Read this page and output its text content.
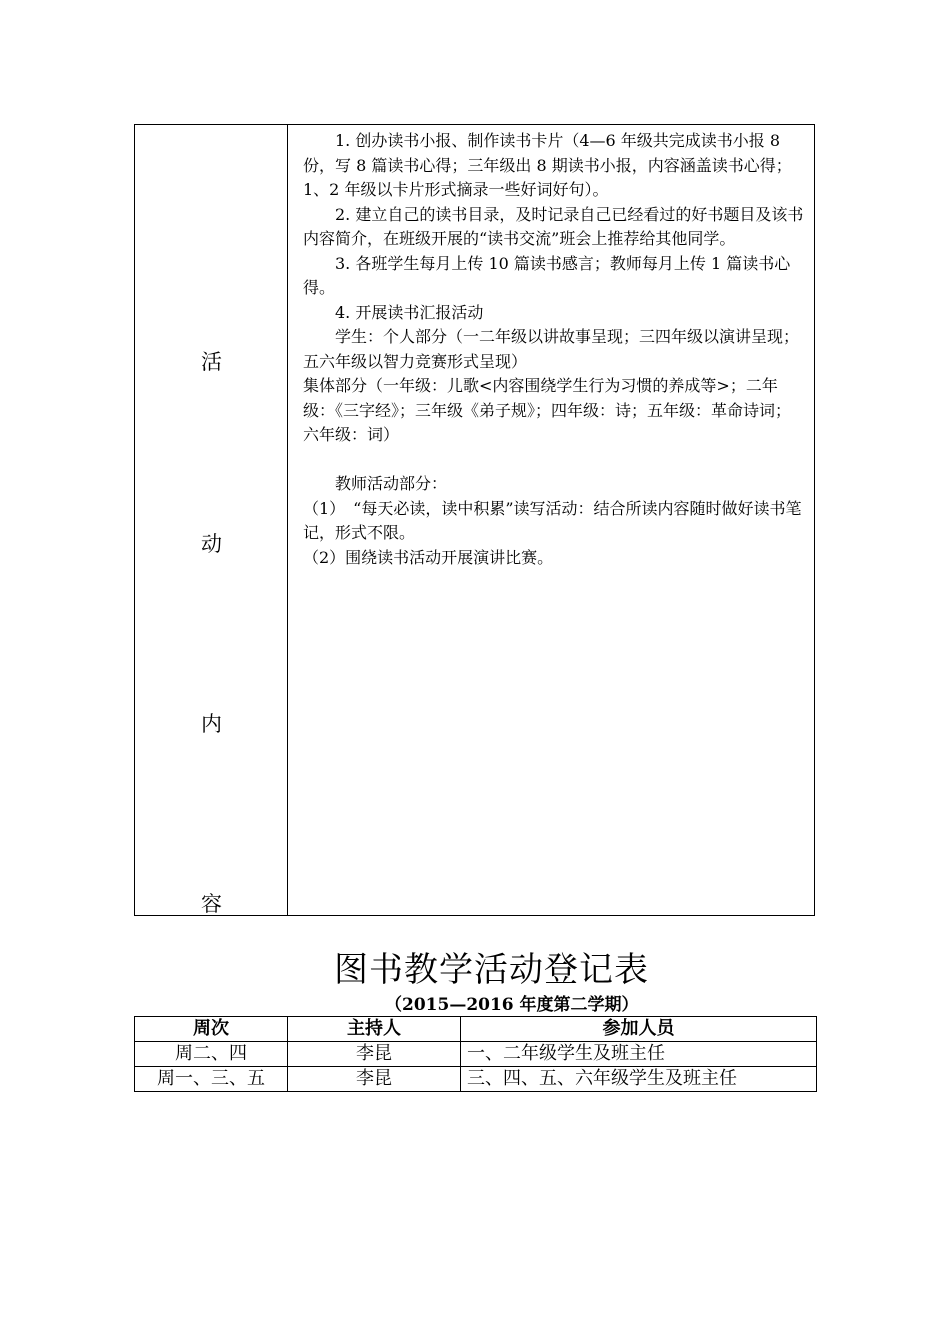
活
动
内
容

1. 创办读书小报、制作读书卡片（4—6 年级共完成读书小报 8 份，写 8 篇读书心得；三年级出 8 期读书小报，内容涵盖读书心得；1、2 年级以卡片形式摘录一些好词好句）。

2. 建立自己的读书目录，及时记录自己已经看过的好书题目及该书内容简介，在班级开展的“读书交流”班会上推荐给其他同学。

3. 各班学生每月上传 10 篇读书感言；教师每月上传 1 篇读书心得。

4. 开展读书汇报活动

学生：个人部分（一二年级以讲故事呈现；三四年级以演讲呈现；五六年级以智力竞赛形式呈现）

集体部分（一年级：儿歌<内容围绕学生行为习惯的养成等>；二年级：《三字经》；三年级《弟子规》；四年级：诗；五年级：革命诗词；六年级：词）

教师活动部分：

（1）　“每天必读，读中积累”读写活动：结合所读内容随时做好读书笔记，形式不限。

（2）围绕读书活动开展演讲比赛。

图书教学活动登记表
（2015—2016 年度第二学期）
周次	主持人	参加人员
周二、四	李昆	一、二年级学生及班主任
周一、三、五	李昆	三、四、五、六年级学生及班主任
